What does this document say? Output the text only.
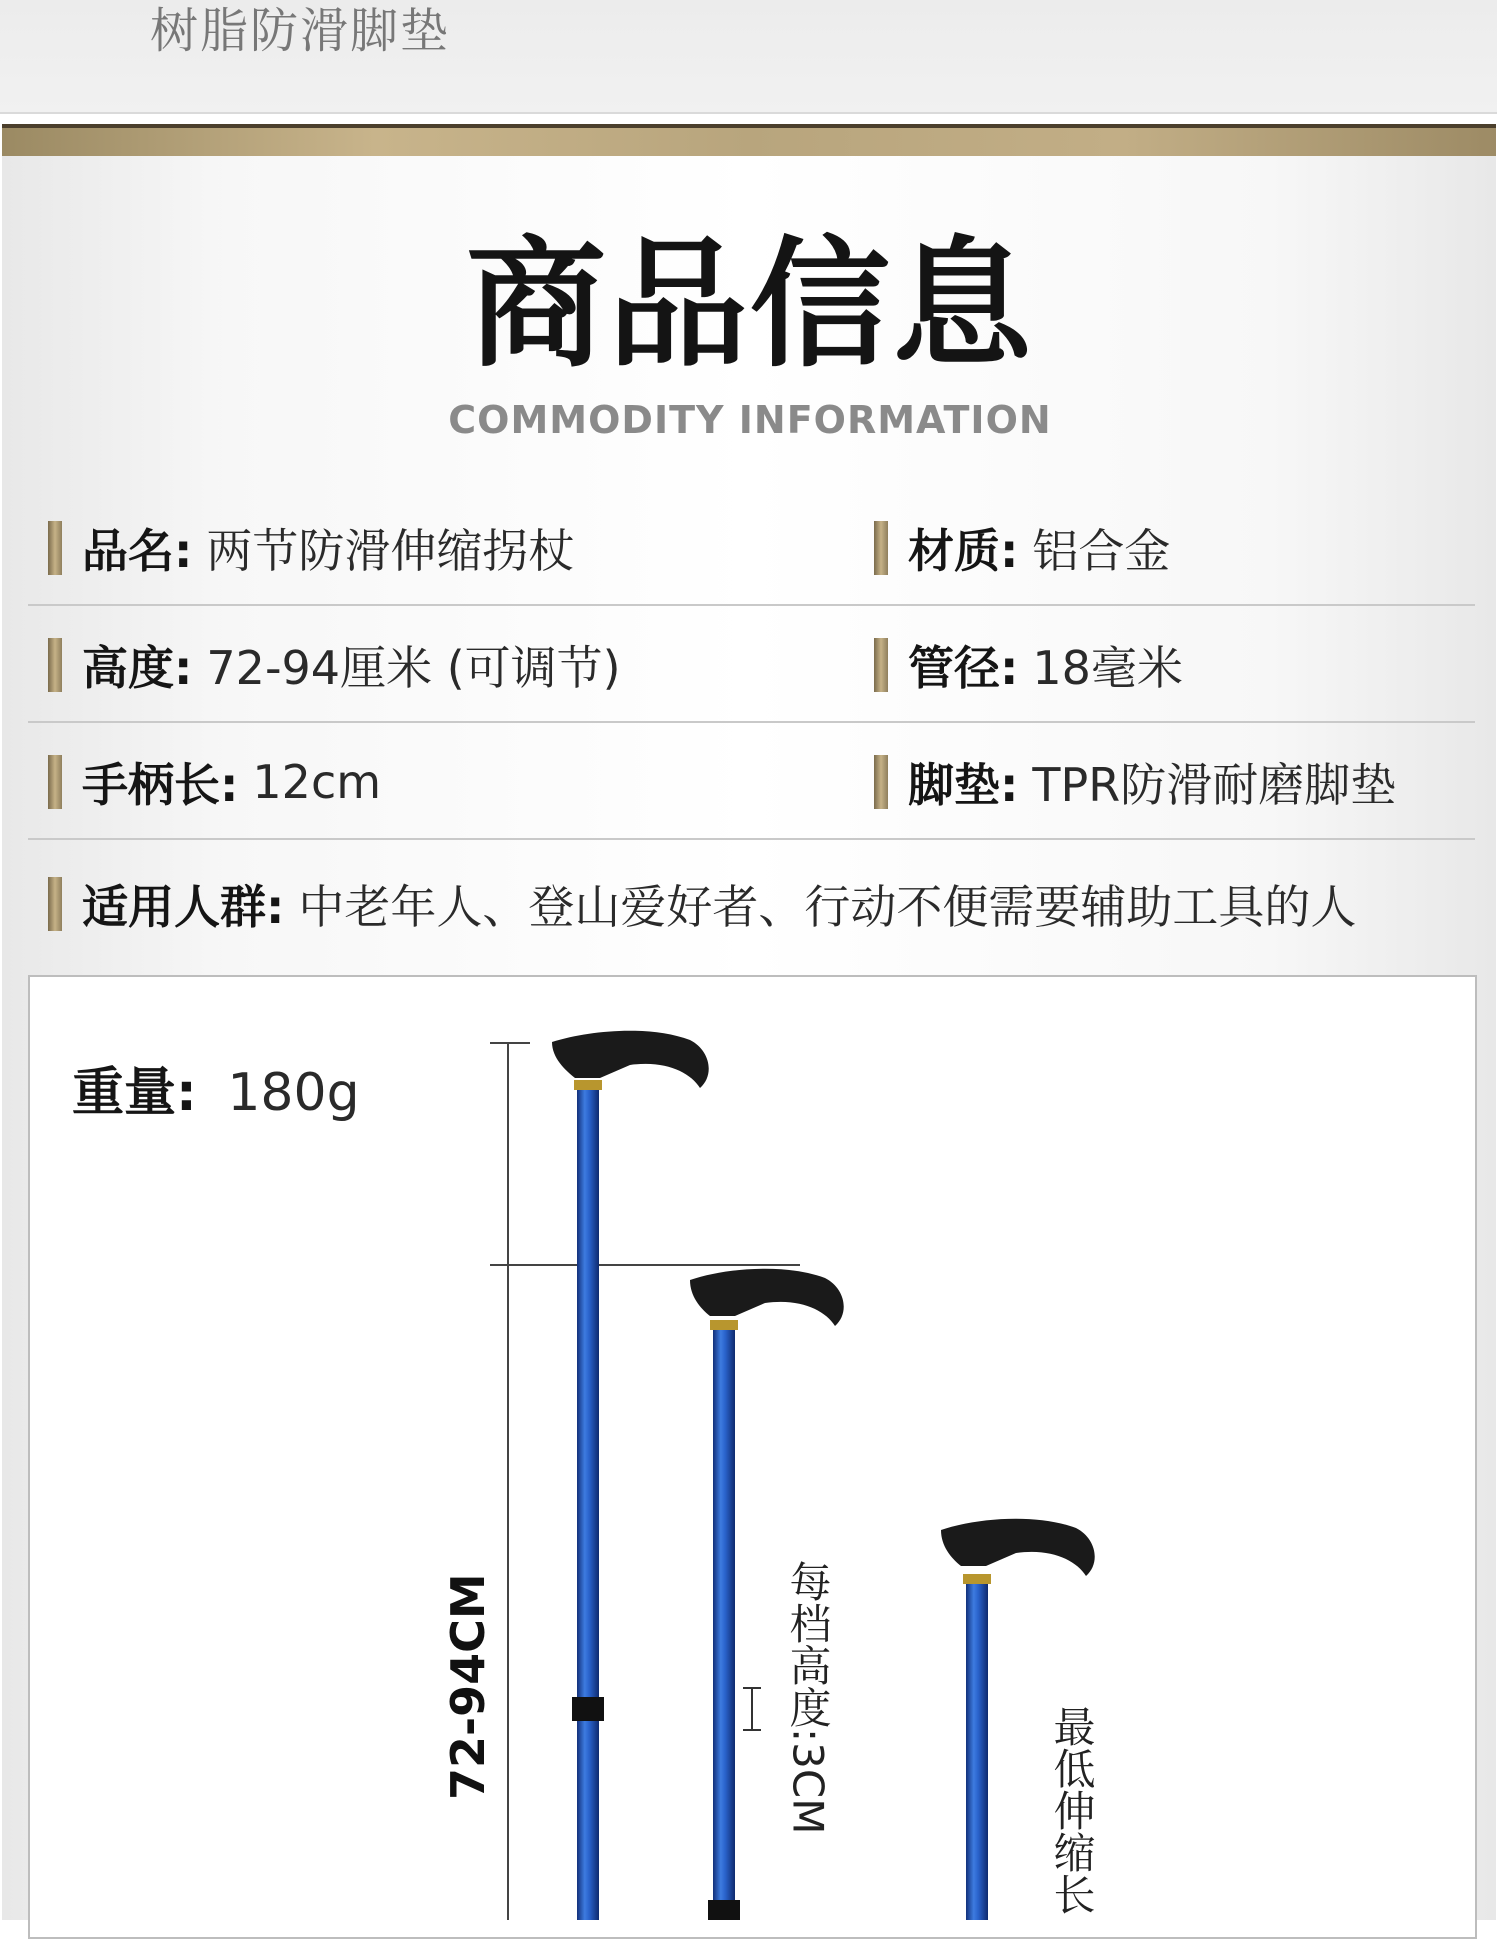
树脂防滑脚垫
商品信息
COMMODITY INFORMATION
品名: 两节防滑伸缩拐杖	材质: 铝合金
高度: 72-94厘米 (可调节)	管径: 18毫米
手柄长: 12cm	脚垫: TPR防滑耐磨脚垫
适用人群: 中老年人、登山爱好者、行动不便需要辅助工具的人
重量: 180g
72-94CM	每档高度:3CM	最低伸缩长
